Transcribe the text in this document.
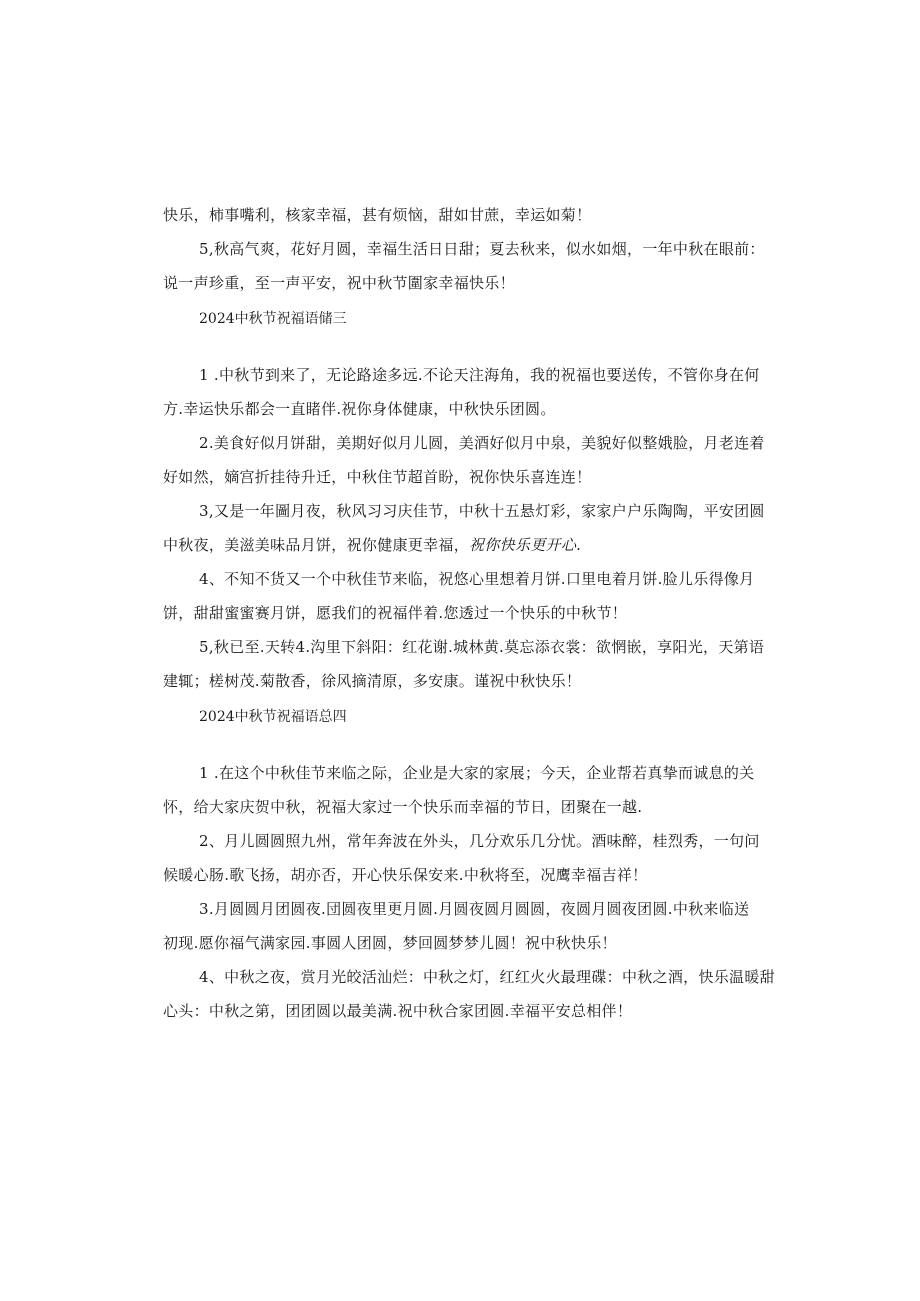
快乐，柿事嘴利，核家幸福，甚有烦恼，甜如甘蔗，幸运如菊！
5,秋高气爽，花好月圆，幸福生活日日甜；夏去秋来，似水如烟，一年中秋在眼前：
说一声珍重，至一声平安，祝中秋节圍家幸福快乐！
2024中秋节祝福语储三
1 .中秋节到来了，无论路途多远.不论天注海角，我的祝福也要送传，不管你身在何
方.幸运快乐都会一直睹伴.祝你身体健康，中秋快乐团圆。
2.美食好似月饼甜，美期好似月儿圆，美酒好似月中泉，美貌好似整娥脸，月老连着
好如然，嫡宫折挂待升迁，中秋住节超首盼，祝你快乐喜连连！
3,又是一年圖月夜，秋风习习庆佳节，中秋十五悬灯彩，家家户户乐陶陶，平安团圆
中秋夜，美滋美味品月饼，祝你健康更幸福，祝你快乐更开心.
4、不知不货又一个中秋佳节来临，祝悠心里想着月饼.口里电着月饼.脸儿乐得像月
饼，甜甜蜜蜜赛月饼，愿我们的祝福伴着.您透过一个快乐的中秋节！
5,秋已至.天转4.沟里下斜阳：红花谢.城林黄.莫忘添衣裳：欲惘嵌，享阳光，天第语
建辄；槎树茂.菊散香，徐风摘清原，多安康。谨祝中秋快乐！
2024中秋节祝福语总四
1 .在这个中秋佳节来临之际，企业是大家的家展；今天，企业帮若真挚而诚息的关
怀，给大家庆贺中秋，祝福大家过一个快乐而幸福的节日，团聚在一越.
2、月儿圆圆照九州，常年奔波在外头，几分欢乐几分忧。酒味醉，桂烈秀，一句问
候暖心肠.歌飞扬，胡亦否，开心快乐保安来.中秋将至，况鹰幸福吉祥！
3.月圆圆月团圆夜.団圆夜里更月圆.月圆夜圆月圆圆，夜圆月圆夜团圆.中秋来临送
初现.愿你福气满家园.事圆人团圆，梦回圆梦梦儿圆！祝中秋快乐！
4、中秋之夜，赏月光皎活汕烂：中秋之灯，红红火火最理碟：中秋之酒，快乐温暖甜
心头：中秋之第，团团圆以最美满.祝中秋合家团圆.幸福平安总相伴！
